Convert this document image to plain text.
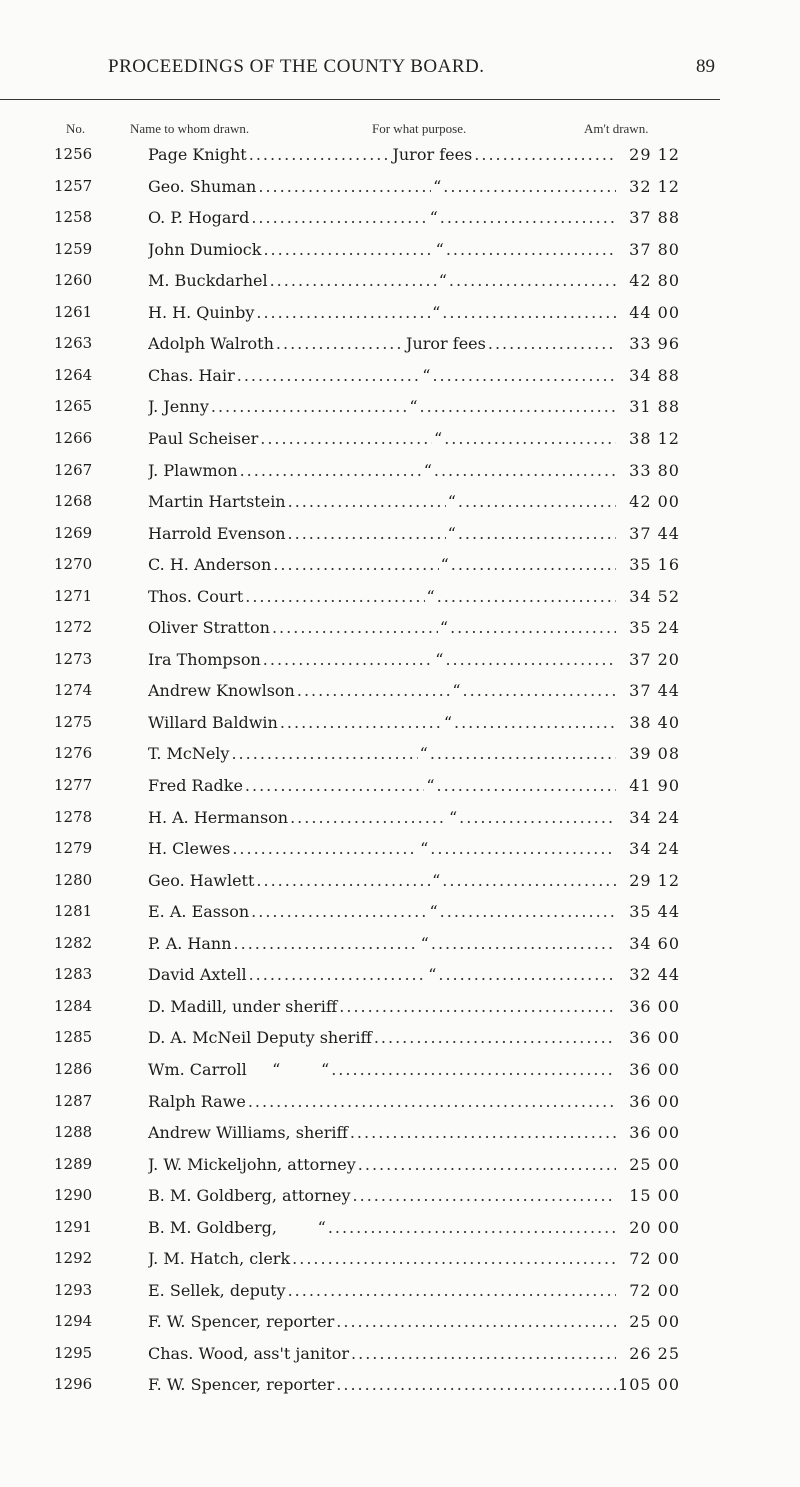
PROCEEDINGS OF THE COUNTY BOARD.	89
No.	Name to whom drawn.	For what purpose.	Am't drawn.
1256	Page Knight .....	Juror fees .....	29 12
1257	Geo. Shuman .....	“ .....	32 12
1258	O. P. Hogard .....	“ .....	37 88
1259	John Dumiock .....	“ .....	37 80
1260	M. Buckdarhel .....	“ .....	42 80
1261	H. H. Quinby .....	“ .....	44 00
1263	Adolph Walroth .....	Juror fees .....	33 96
1264	Chas. Hair .....	“ .....	34 88
1265	J. Jenny .....	“ .....	31 88
1266	Paul Scheiser .....	“ .....	38 12
1267	J. Plawmon .....	“ .....	33 80
1268	Martin Hartstein .....	“ .....	42 00
1269	Harrold Evenson .....	“ .....	37 44
1270	C. H. Anderson .....	“ .....	35 16
1271	Thos. Court .....	“ .....	34 52
1272	Oliver Stratton .....	“ .....	35 24
1273	Ira Thompson .....	“ .....	37 20
1274	Andrew Knowlson .....	“ .....	37 44
1275	Willard Baldwin .....	“ .....	38 40
1276	T. McNely .....	“ .....	39 08
1277	Fred Radke .....	“ .....	41 90
1278	H. A. Hermanson .....	“ .....	34 24
1279	H. Clewes .....	“ .....	34 24
1280	Geo. Hawlett .....	“ .....	29 12
1281	E. A. Easson .....	“ .....	35 44
1282	P. A. Hann .....	“ .....	34 60
1283	David Axtell .....	“ .....	32 44
1284	D. Madill, under sheriff .....	36 00
1285	D. A. McNeil Deputy sheriff .....	36 00
1286	Wm. Carroll     “        “ .....	36 00
1287	Ralph Rawe .....	36 00
1288	Andrew Williams, sheriff .....	36 00
1289	J. W. Mickeljohn, attorney .....	25 00
1290	B. M. Goldberg, attorney .....	15 00
1291	B. M. Goldberg,        “ .....	20 00
1292	J. M. Hatch, clerk .....	72 00
1293	E. Sellek, deputy .....	72 00
1294	F. W. Spencer, reporter .....	25 00
1295	Chas. Wood, ass't janitor .....	26 25
1296	F. W. Spencer, reporter .....	105 00
